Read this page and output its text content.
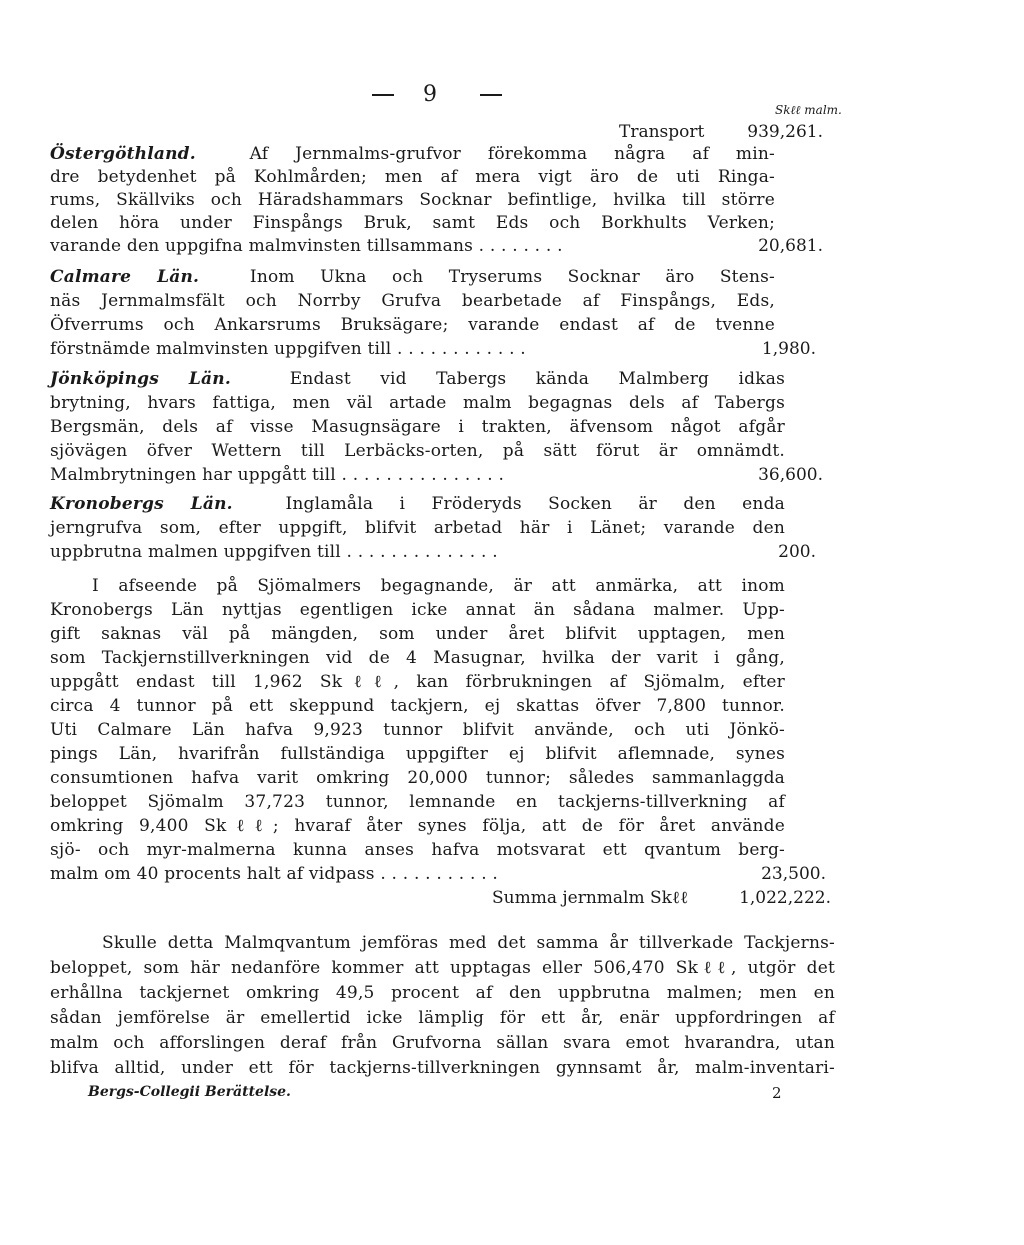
9
Skℓℓ malm.
Transport	939,261.
Östergöthland.	Af Jernmalms-grufvor förekomma några af min-
dre betydenhet på Kohlmården; men af mera vigt äro de uti Ringa-
rums, Skällviks och Häradshammars Socknar befintlige, hvilka till större
delen höra under Finspångs Bruk, samt Eds och Borkhults Verken;
varande den uppgifna malmvinsten tillsammans . . . . . . . .	20,681.
Calmare Län.	Inom Ukna och Tryserums Socknar äro Stens-
näs Jernmalmsfält och Norrby Grufva bearbetade af Finspångs, Eds,
Öfverrums och Ankarsrums Bruksägare; varande endast af de tvenne
förstnämde malmvinsten uppgifven till . . . . . . . . . . . .	1,980.
Jönköpings Län.	Endast vid Tabergs kända Malmberg idkas
brytning, hvars fattiga, men väl artade malm begagnas dels af Tabergs
Bergsmän, dels af visse Masugnsägare i trakten, äfvensom något afgår
sjövägen öfver Wettern till Lerbäcks-orten, på sätt förut är omnämdt.
Malmbrytningen har uppgått till . . . . . . . . . . . . . . .	36,600.
Kronobergs Län.	Inglamåla i Fröderyds Socken är den enda
jerngrufva som, efter uppgift, blifvit arbetad här i Länet; varande den
uppbrutna malmen uppgifven till . . . . . . . . . . . . . .	200.
I afseende på Sjömalmers begagnande, är att anmärka, att inom
Kronobergs Län nyttjas egentligen icke annat än sådana malmer. Upp-
gift saknas väl på mängden, som under året blifvit upptagen, men
som Tackjernstillverkningen vid de 4 Masugnar, hvilka der varit i gång,
uppgått endast till 1,962 Skℓℓ, kan förbrukningen af Sjömalm, efter
circa 4 tunnor på ett skeppund tackjern, ej skattas öfver 7,800 tunnor.
Uti Calmare Län hafva 9,923 tunnor blifvit använde, och uti Jönkö-
pings Län, hvarifrån fullständiga uppgifter ej blifvit aflemnade, synes
consumtionen hafva varit omkring 20,000 tunnor; således sammanlaggda
beloppet Sjömalm 37,723 tunnor, lemnande en tackjerns-tillverkning af
omkring 9,400 Skℓℓ; hvaraf åter synes följa, att de för året använde
sjö- och myr-malmerna kunna anses hafva motsvarat ett qvantum berg-
malm om 40 procents halt af vidpass . . . . . . . . . . .	23,500.
Summa jernmalm Skℓℓ	1,022,222.
Skulle detta Malmqvantum jemföras med det samma år tillverkade Tackjerns-
beloppet, som här nedanföre kommer att upptagas eller 506,470 Skℓℓ, utgör det
erhållna tackjernet omkring 49,5 procent af den uppbrutna malmen; men en
sådan jemförelse är emellertid icke lämplig för ett år, enär uppfordringen af
malm och afforslingen deraf från Grufvorna sällan svara emot hvarandra, utan
blifva alltid, under ett för tackjerns-tillverkningen gynnsamt år, malm-inventari-
Bergs-Collegii Berättelse.	2
